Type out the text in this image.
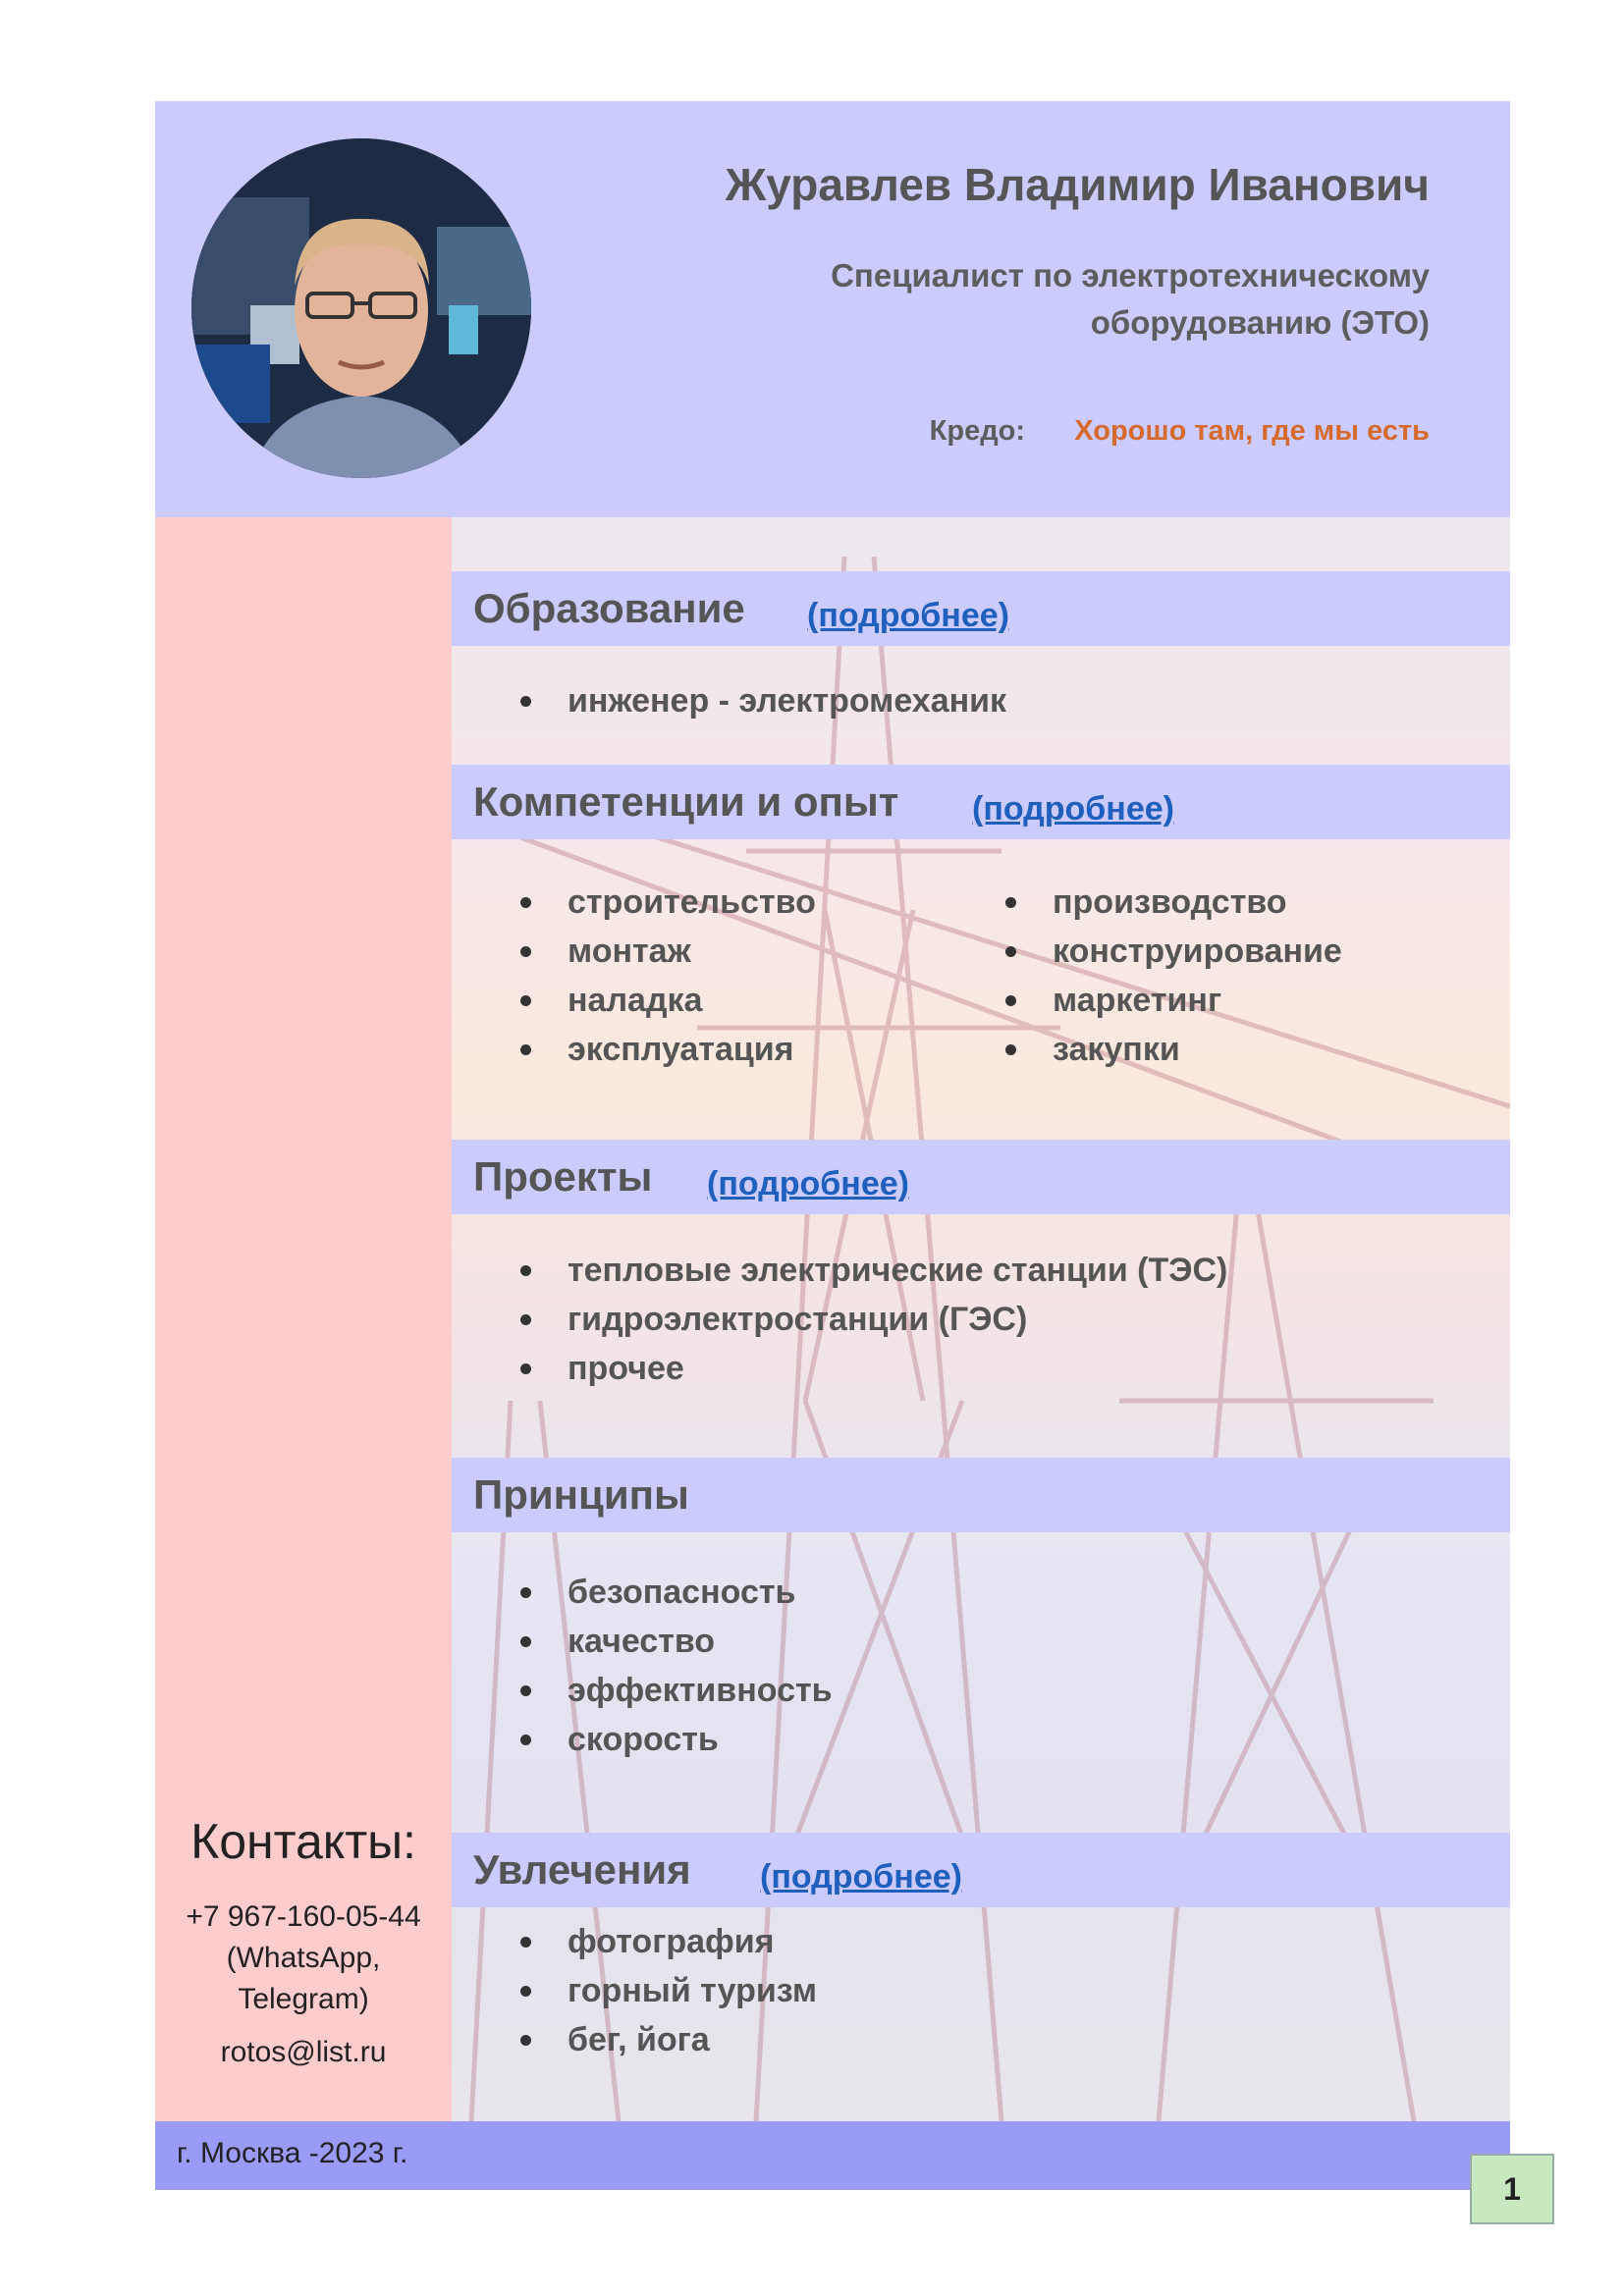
Журавлев Владимир Иванович
Специалист по электротехническому
оборудованию (ЭТО)
Кредо: Хорошо там, где мы есть
Контакты:
+7 967-160-05-44
(WhatsApp,
Telegram)
rotos@list.ru
Образование (подробнее)
инженер - электромеханик
Компетенции и опыт (подробнее)
строительство
монтаж
наладка
эксплуатация
производство
конструирование
маркетинг
закупки
Проекты (подробнее)
тепловые электрические станции (ТЭС)
гидроэлектростанции (ГЭС)
прочее
Принципы
безопасность
качество
эффективность
скорость
Увлечения (подробнее)
фотография
горный туризм
бег, йога
г. Москва -2023 г.
1
